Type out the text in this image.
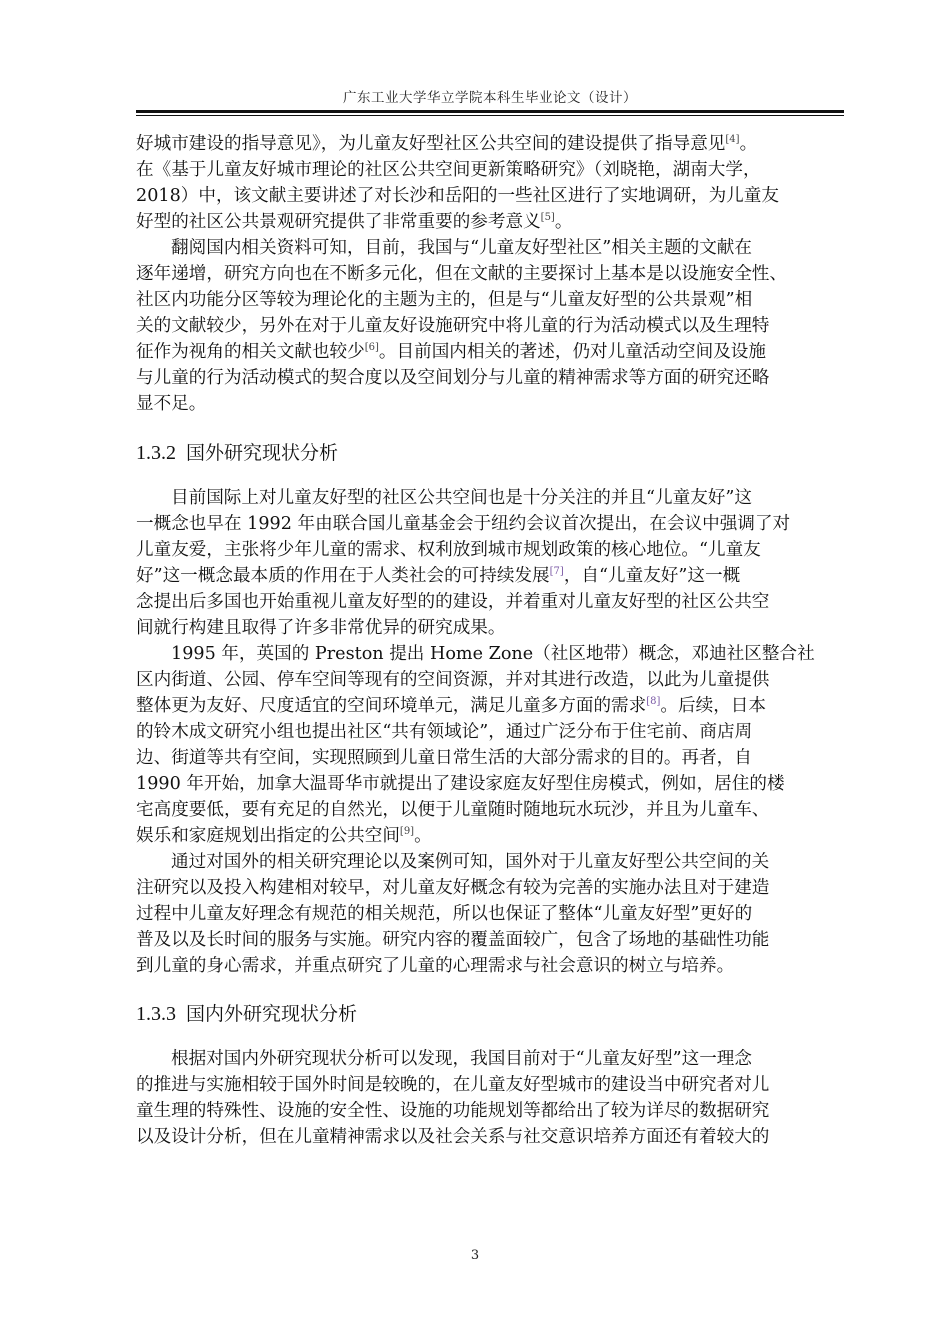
广东工业大学华立学院本科生毕业论文（设计）
好城市建设的指导意见》，为儿童友好型社区公共空间的建设提供了指导意见[4]。
在《基于儿童友好城市理论的社区公共空间更新策略研究》（刘晓艳，湖南大学，
2018）中，该文献主要讲述了对长沙和岳阳的一些社区进行了实地调研，为儿童友
好型的社区公共景观研究提供了非常重要的参考意义[5]。
翻阅国内相关资料可知，目前，我国与“儿童友好型社区”相关主题的文献在
逐年递增，研究方向也在不断多元化，但在文献的主要探讨上基本是以设施安全性、
社区内功能分区等较为理论化的主题为主的，但是与“儿童友好型的公共景观”相
关的文献较少，另外在对于儿童友好设施研究中将儿童的行为活动模式以及生理特
征作为视角的相关文献也较少[6]。目前国内相关的著述，仍对儿童活动空间及设施
与儿童的行为活动模式的契合度以及空间划分与儿童的精神需求等方面的研究还略
显不足。
1.3.2 国外研究现状分析
目前国际上对儿童友好型的社区公共空间也是十分关注的并且“儿童友好”这
一概念也早在 1992 年由联合国儿童基金会于纽约会议首次提出，在会议中强调了对
儿童友爱，主张将少年儿童的需求、权利放到城市规划政策的核心地位。“儿童友
好”这一概念最本质的作用在于人类社会的可持续发展[7]，自“儿童友好”这一概
念提出后多国也开始重视儿童友好型的的建设，并着重对儿童友好型的社区公共空
间就行构建且取得了许多非常优异的研究成果。
1995 年，英国的 Preston 提出 Home Zone（社区地带）概念，邓迪社区整合社
区内街道、公园、停车空间等现有的空间资源，并对其进行改造，以此为儿童提供
整体更为友好、尺度适宜的空间环境单元，满足儿童多方面的需求[8]。后续，日本
的铃木成文研究小组也提出社区“共有领域论”，通过广泛分布于住宅前、商店周
边、街道等共有空间，实现照顾到儿童日常生活的大部分需求的目的。再者，自
1990 年开始，加拿大温哥华市就提出了建设家庭友好型住房模式，例如，居住的楼
宅高度要低，要有充足的自然光，以便于儿童随时随地玩水玩沙，并且为儿童车、
娱乐和家庭规划出指定的公共空间[9]。
通过对国外的相关研究理论以及案例可知，国外对于儿童友好型公共空间的关
注研究以及投入构建相对较早，对儿童友好概念有较为完善的实施办法且对于建造
过程中儿童友好理念有规范的相关规范，所以也保证了整体“儿童友好型”更好的
普及以及长时间的服务与实施。研究内容的覆盖面较广，包含了场地的基础性功能
到儿童的身心需求，并重点研究了儿童的心理需求与社会意识的树立与培养。
1.3.3 国内外研究现状分析
根据对国内外研究现状分析可以发现，我国目前对于“儿童友好型”这一理念
的推进与实施相较于国外时间是较晚的，在儿童友好型城市的建设当中研究者对儿
童生理的特殊性、设施的安全性、设施的功能规划等都给出了较为详尽的数据研究
以及设计分析，但在儿童精神需求以及社会关系与社交意识培养方面还有着较大的
3
